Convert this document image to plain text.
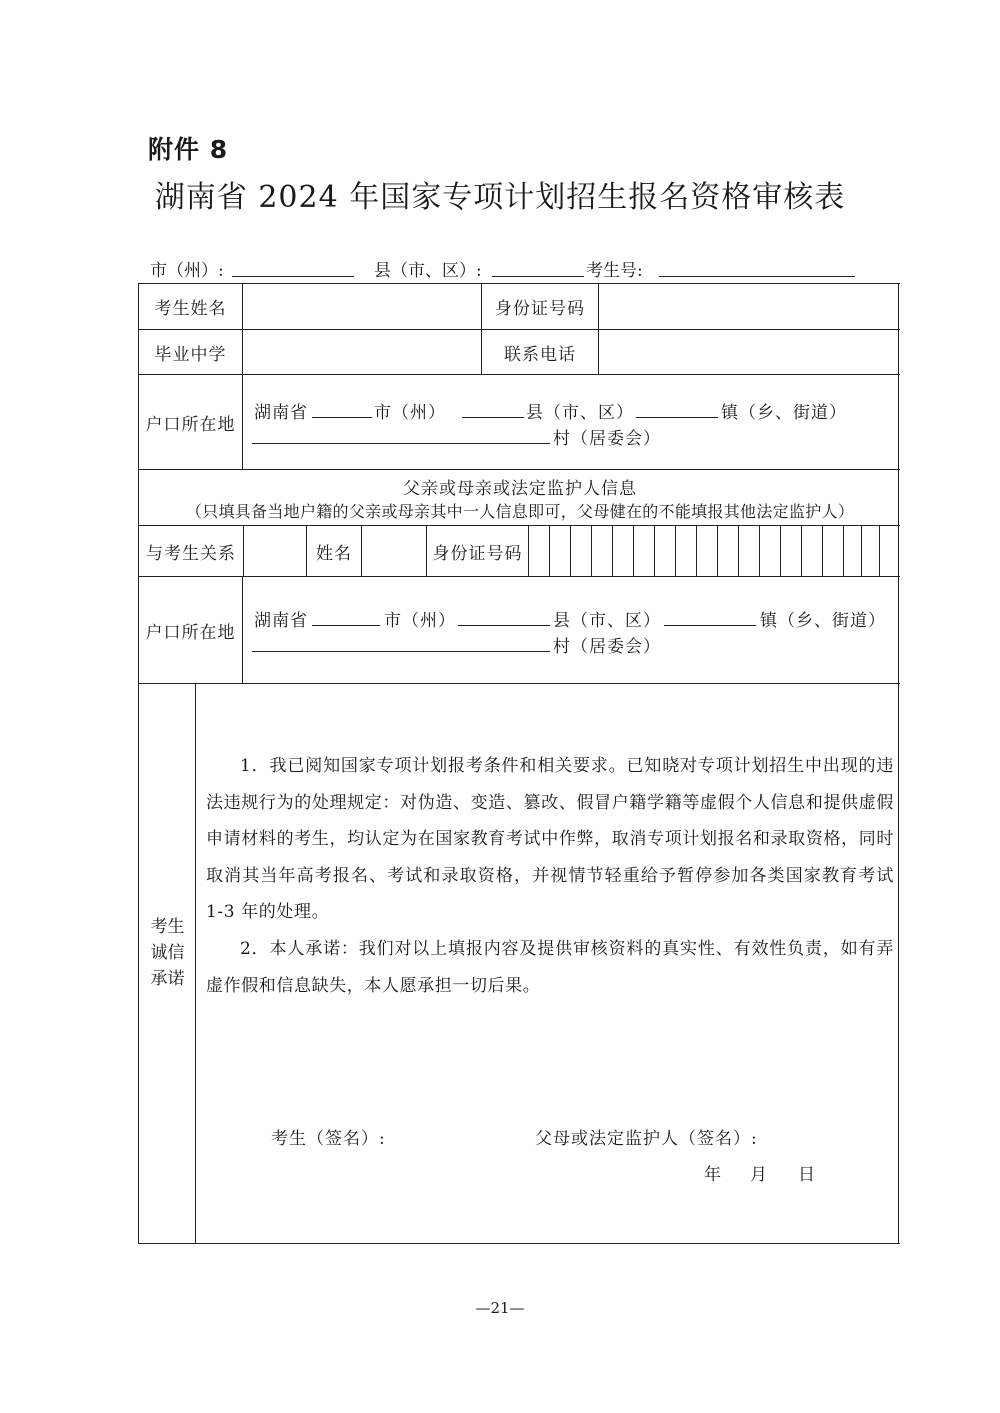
附件 8
湖南省 2024 年国家专项计划招生报名资格审核表
市（州）:	县（市、区）:	考生号:
考生姓名	身份证号码
毕业中学	联系电话
户口所在地
湖南省	市（州）	县（市、区）	镇（乡、街道）
村（居委会）
父亲或母亲或法定监护人信息
（只填具备当地户籍的父亲或母亲其中一人信息即可，父母健在的不能填报其他法定监护人）
与考生关系	姓名	身份证号码
户口所在地
湖南省	市（州）	县（市、区）	镇（乡、街道）
村（居委会）
考生
诚信
承诺

1．我已阅知国家专项计划报考条件和相关要求。已知晓对专项计划招生中出现的违法违规行为的处理规定：对伪造、变造、篡改、假冒户籍学籍等虚假个人信息和提供虚假申请材料的考生，均认定为在国家教育考试中作弊，取消专项计划报名和录取资格，同时取消其当年高考报名、考试和录取资格，并视情节轻重给予暂停参加各类国家教育考试 1-3 年的处理。

2．本人承诺：我们对以上填报内容及提供审核资料的真实性、有效性负责，如有弄虚作假和信息缺失，本人愿承担一切后果。

考生（签名）:	父母或法定监护人（签名）:
年 月 日
—21—
